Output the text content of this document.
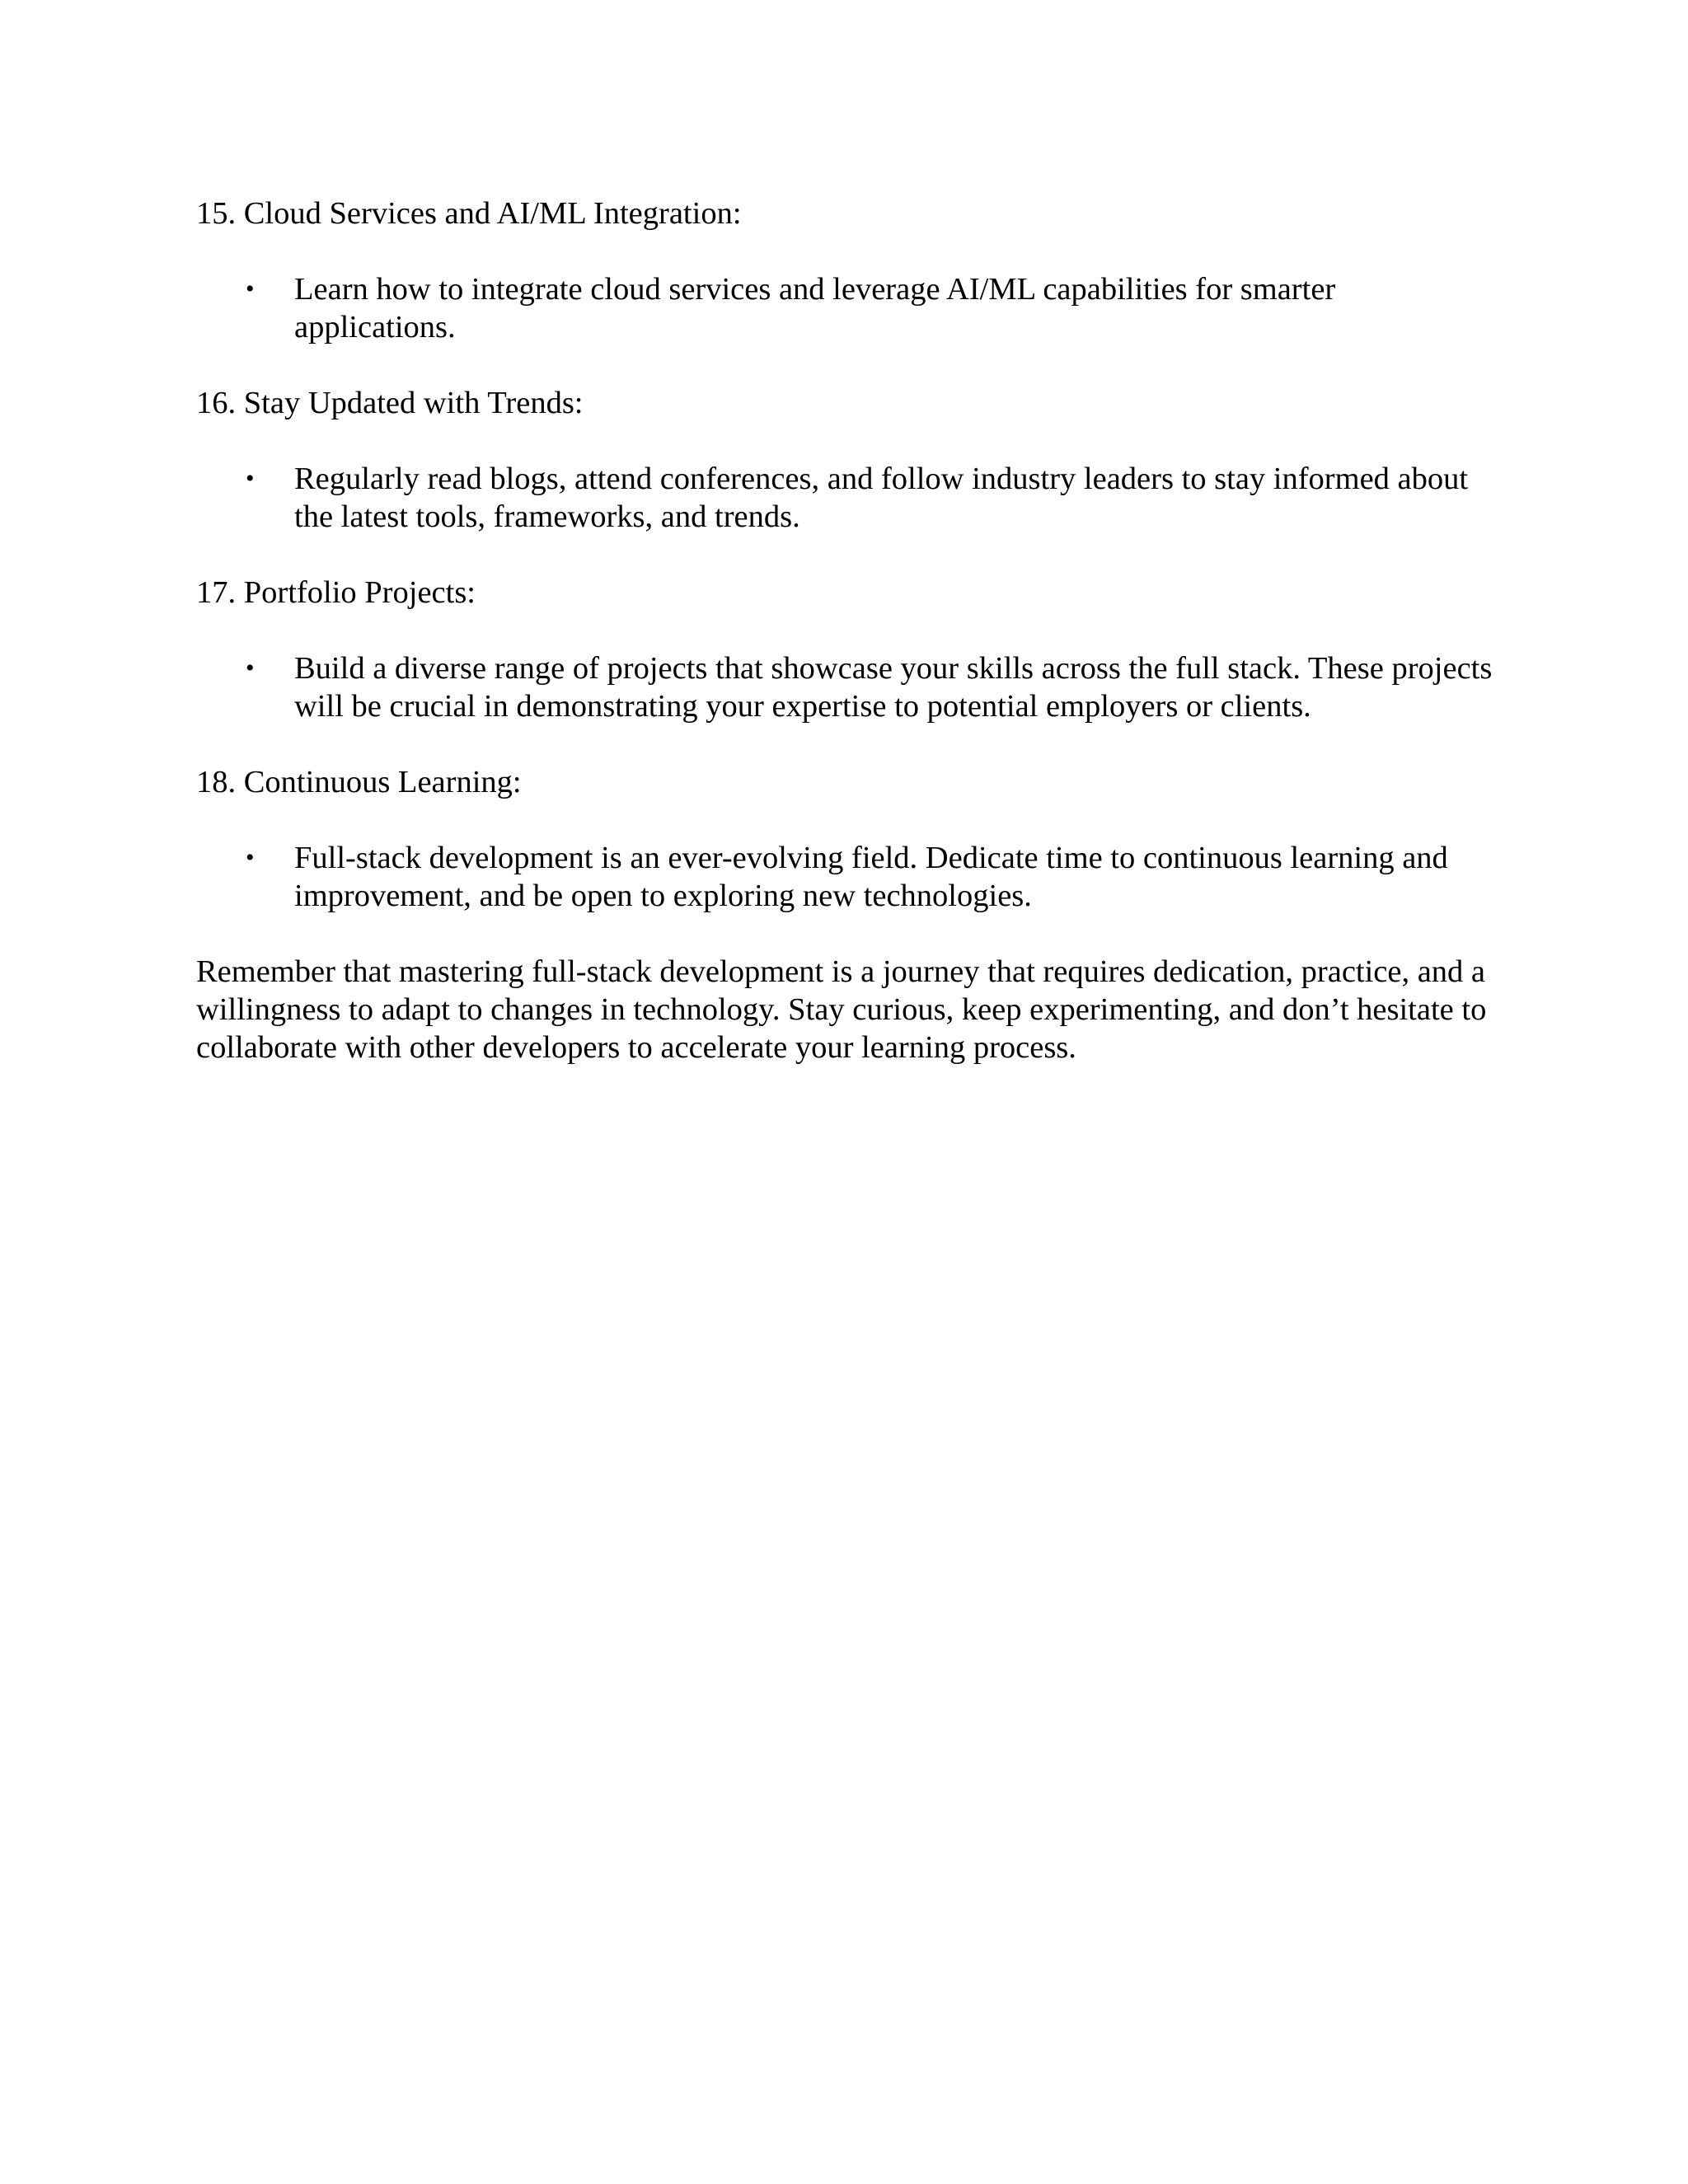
15. Cloud Services and AI/ML Integration:

• Learn how to integrate cloud services and leverage AI/ML capabilities for smarter applications.

16. Stay Updated with Trends:

• Regularly read blogs, attend conferences, and follow industry leaders to stay informed about the latest tools, frameworks, and trends.

17. Portfolio Projects:

• Build a diverse range of projects that showcase your skills across the full stack. These projects will be crucial in demonstrating your expertise to potential employers or clients.

18. Continuous Learning:

• Full-stack development is an ever-evolving field. Dedicate time to continuous learning and improvement, and be open to exploring new technologies.

Remember that mastering full-stack development is a journey that requires dedication, practice, and a willingness to adapt to changes in technology. Stay curious, keep experimenting, and don’t hesitate to collaborate with other developers to accelerate your learning process.
